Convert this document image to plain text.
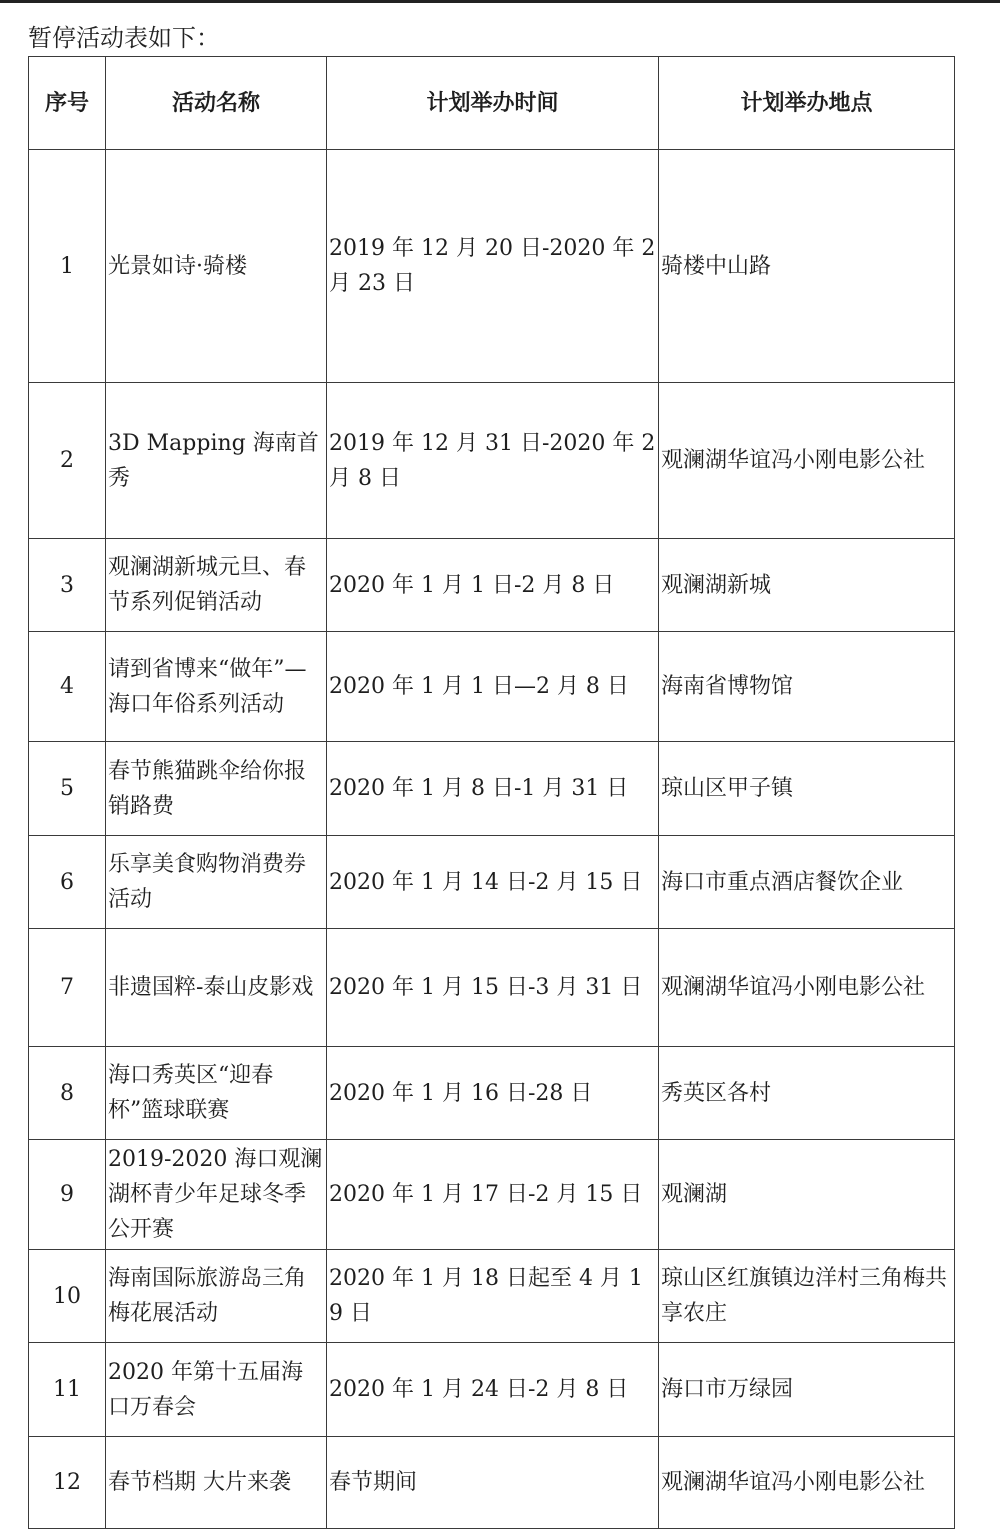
暂停活动表如下：
序号	活动名称	计划举办时间	计划举办地点
1	光景如诗·骑楼	2019 年 12 月 20 日-2020 年 2 月 23 日	骑楼中山路
2	3D Mapping 海南首秀	2019 年 12 月 31 日-2020 年 2 月 8 日	观澜湖华谊冯小刚电影公社
3	观澜湖新城元旦、春节系列促销活动	2020 年 1 月 1 日-2 月 8 日	观澜湖新城
4	请到省博来“做年”—海口年俗系列活动	2020 年 1 月 1 日—2 月 8 日	海南省博物馆
5	春节熊猫跳伞给你报销路费	2020 年 1 月 8 日-1 月 31 日	琼山区甲子镇
6	乐享美食购物消费券活动	2020 年 1 月 14 日-2 月 15 日	海口市重点酒店餐饮企业
7	非遗国粹-泰山皮影戏	2020 年 1 月 15 日-3 月 31 日	观澜湖华谊冯小刚电影公社
8	海口秀英区“迎春杯”篮球联赛	2020 年 1 月 16 日-28 日	秀英区各村
9	2019-2020 海口观澜湖杯青少年足球冬季公开赛	2020 年 1 月 17 日-2 月 15 日	观澜湖
10	海南国际旅游岛三角梅花展活动	2020 年 1 月 18 日起至 4 月 19 日	琼山区红旗镇边洋村三角梅共享农庄
11	2020 年第十五届海口万春会	2020 年 1 月 24 日-2 月 8 日	海口市万绿园
12	春节档期 大片来袭	春节期间	观澜湖华谊冯小刚电影公社
